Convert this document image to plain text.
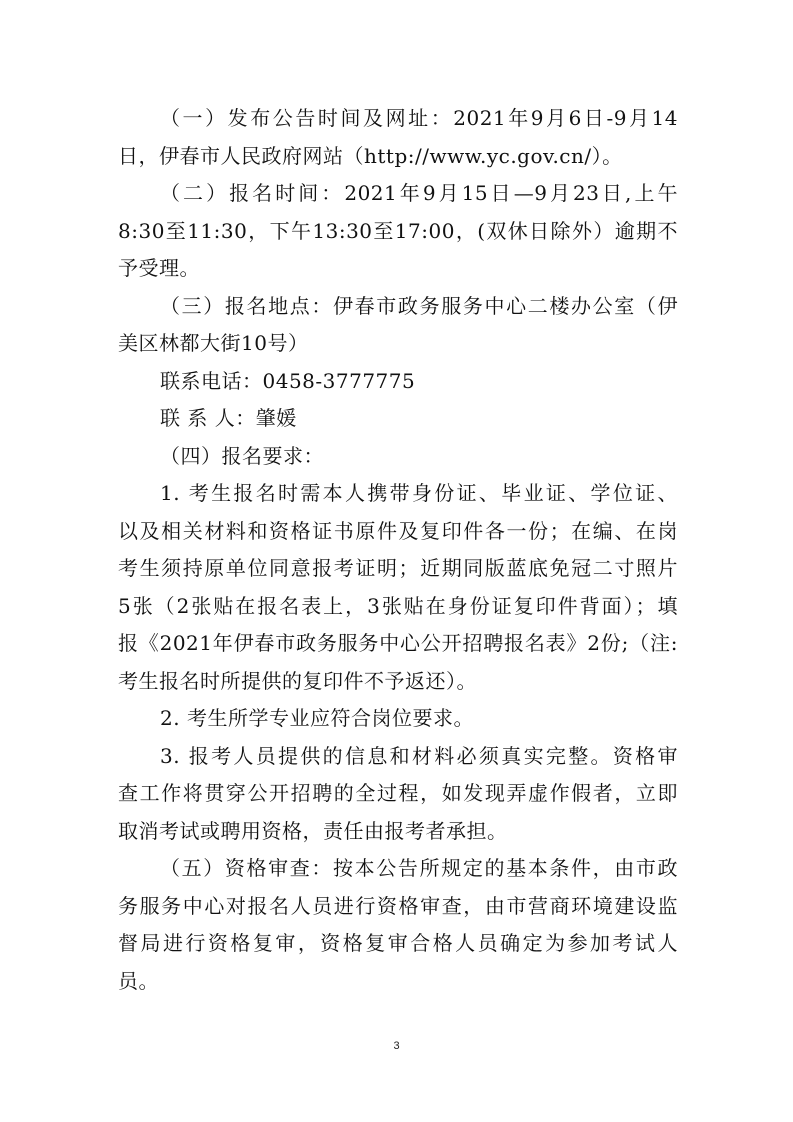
（一）发布公告时间及网址：2021年9月6日-9月14
日，伊春市人民政府网站（http://www.yc.gov.cn/）。
（二）报名时间：2021年9月15日—9月23日,上午
8:30至11:30，下午13:30至17:00，(双休日除外）逾期不
予受理。
（三）报名地点：伊春市政务服务中心二楼办公室（伊
美区林都大街10号）
联系电话：0458-3777775
联 系 人：肇媛
（四）报名要求：
1. 考生报名时需本人携带身份证、毕业证、学位证、
以及相关材料和资格证书原件及复印件各一份；在编、在岗
考生须持原单位同意报考证明；近期同版蓝底免冠二寸照片
5张（2张贴在报名表上，3张贴在身份证复印件背面）；填
报《2021年伊春市政务服务中心公开招聘报名表》2份;（注:
考生报名时所提供的复印件不予返还）。
2. 考生所学专业应符合岗位要求。
3. 报考人员提供的信息和材料必须真实完整。资格审
查工作将贯穿公开招聘的全过程，如发现弄虚作假者，立即
取消考试或聘用资格，责任由报考者承担。
（五）资格审查：按本公告所规定的基本条件，由市政
务服务中心对报名人员进行资格审查，由市营商环境建设监
督局进行资格复审，资格复审合格人员确定为参加考试人
员。
3
